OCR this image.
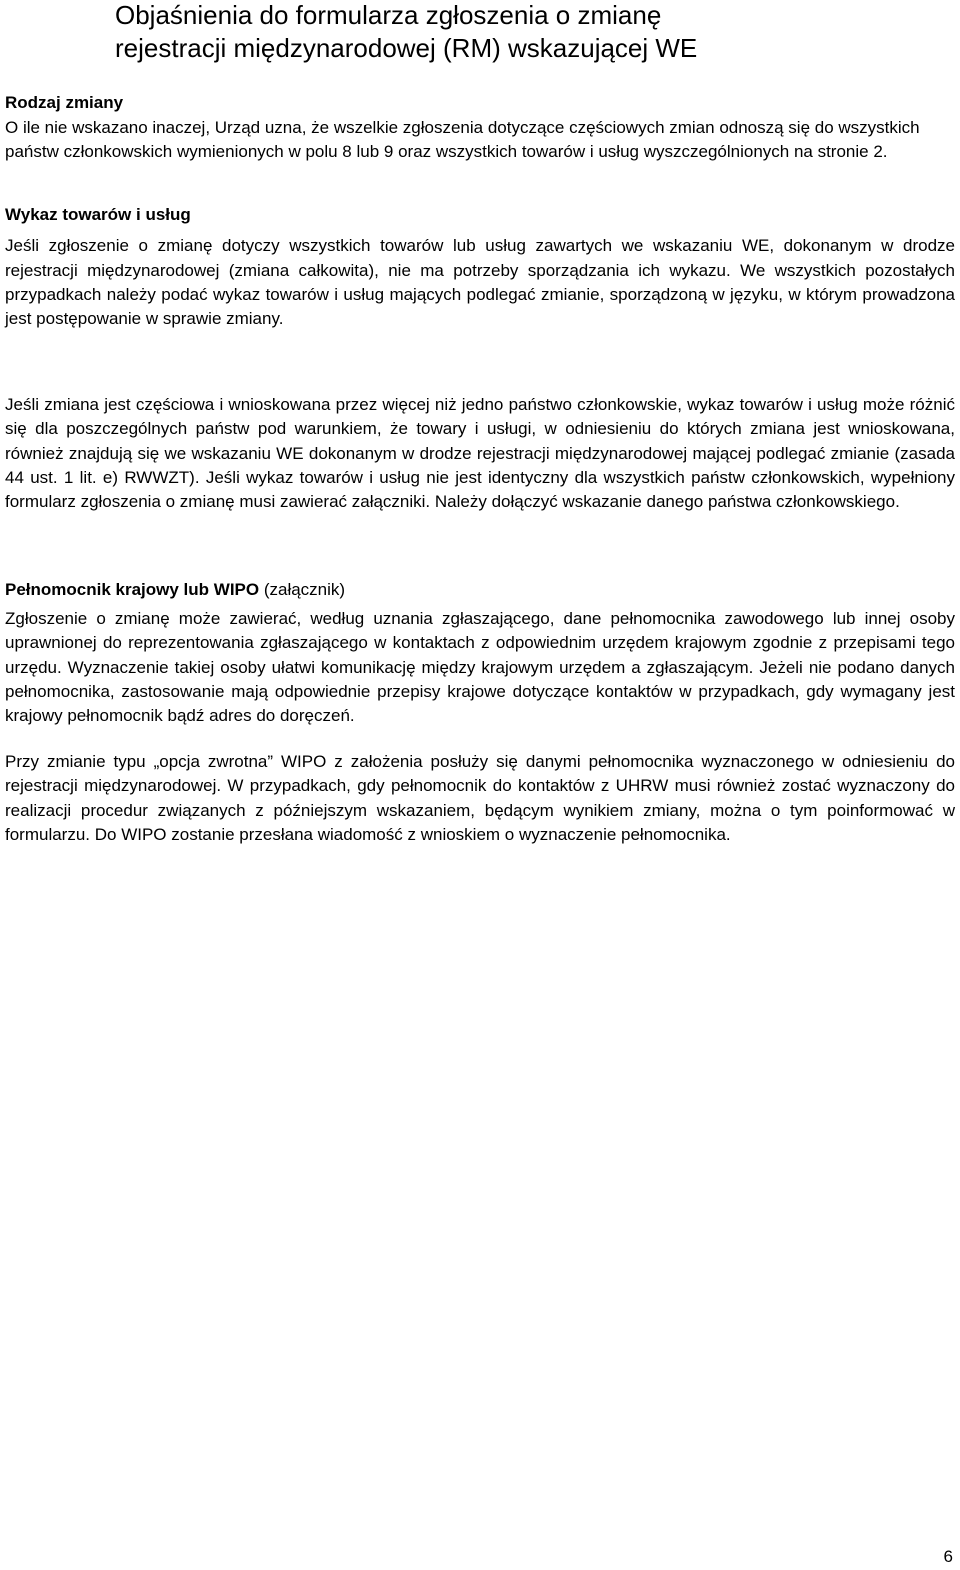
Objaśnienia do formularza zgłoszenia o zmianę
rejestracji międzynarodowej (RM) wskazującej WE

Rodzaj zmiany

O ile nie wskazano inaczej, Urząd uzna, że wszelkie zgłoszenia dotyczące częściowych zmian odnoszą się do wszystkich państw członkowskich wymienionych w polu 8 lub 9 oraz wszystkich towarów i usług wyszczególnionych na stronie 2.

Wykaz towarów i usług

Jeśli zgłoszenie o zmianę dotyczy wszystkich towarów lub usług zawartych we wskazaniu WE, dokonanym w drodze rejestracji międzynarodowej (zmiana całkowita), nie ma potrzeby sporządzania ich wykazu. We wszystkich pozostałych przypadkach należy podać wykaz towarów i usług mających podlegać zmianie, sporządzoną w języku, w którym prowadzona jest postępowanie w sprawie zmiany.

Jeśli zmiana jest częściowa i wnioskowana przez więcej niż jedno państwo członkowskie, wykaz towarów i usług może różnić się dla poszczególnych państw pod warunkiem, że towary i usługi, w odniesieniu do których zmiana jest wnioskowana, również znajdują się we wskazaniu WE dokonanym w drodze rejestracji międzynarodowej mającej podlegać zmianie (zasada 44 ust. 1 lit. e) RWWZT). Jeśli wykaz towarów i usług nie jest identyczny dla wszystkich państw członkowskich, wypełniony formularz zgłoszenia o zmianę musi zawierać załączniki. Należy dołączyć wskazanie danego państwa członkowskiego.

Pełnomocnik krajowy lub WIPO (załącznik)

Zgłoszenie o zmianę może zawierać, według uznania zgłaszającego, dane pełnomocnika zawodowego lub innej osoby uprawnionej do reprezentowania zgłaszającego w kontaktach z odpowiednim urzędem krajowym zgodnie z przepisami tego urzędu. Wyznaczenie takiej osoby ułatwi komunikację między krajowym urzędem a zgłaszającym. Jeżeli nie podano danych pełnomocnika, zastosowanie mają odpowiednie przepisy krajowe dotyczące kontaktów w przypadkach, gdy wymagany jest krajowy pełnomocnik bądź adres do doręczeń.

Przy zmianie typu „opcja zwrotna” WIPO z założenia posłuży się danymi pełnomocnika wyznaczonego w odniesieniu do rejestracji międzynarodowej. W przypadkach, gdy pełnomocnik do kontaktów z UHRW musi również zostać wyznaczony do realizacji procedur związanych z późniejszym wskazaniem, będącym wynikiem zmiany, można o tym poinformować w formularzu. Do WIPO zostanie przesłana wiadomość z wnioskiem o wyznaczenie pełnomocnika.

6
